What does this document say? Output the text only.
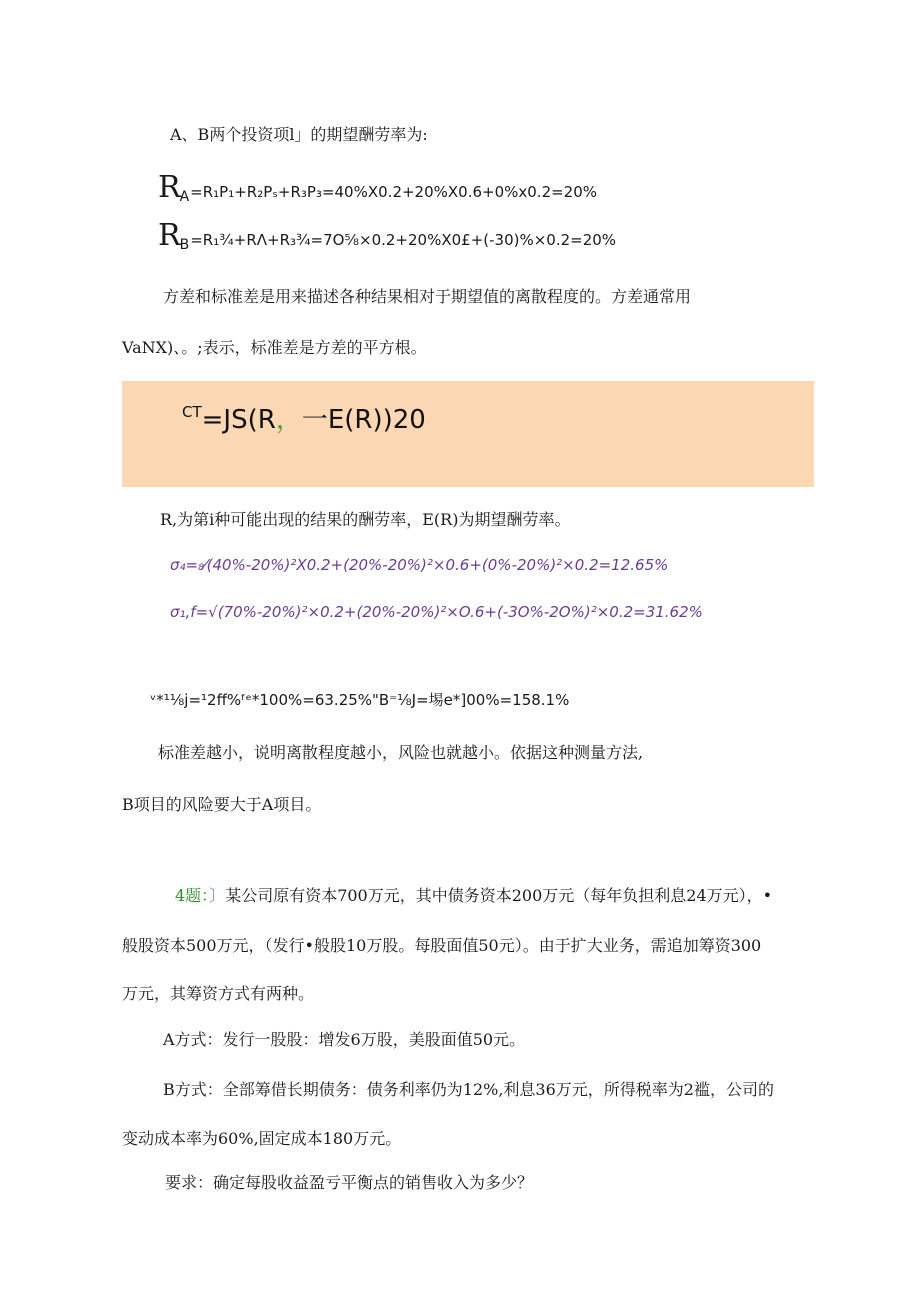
A、B两个投资项l」的期望酬劳率为:
R A =R₁P₁+R₂Pₛ+R₃P₃=40%X0.2+20%X0.6+0%x0.2=20%
R B =R₁¾+RΛ+R₃¾=7O⅝×0.2+20%X0£+(-30)%×0.2=20%
方差和标准差是用来描述各种结果相对于期望值的离散程度的。方差通常用
VaNX)、。;表示，标准差是方差的平方根。
$^{CT}$=JS(R，一E(R))20
R,为第i种可能出现的结果的酬劳率，E(R)为期望酬劳率。
σ₄=₈⁄(40%-20%)²X0.2+(20%-20%)²×0.6+(0%-20%)²×0.2=12.65%
σ₁,f=√(70%-20%)²×0.2+(20%-20%)²×O.6+(-3O%-2O%)²×0.2=31.62%
ᵛ*¹⅛j=¹2ff%ᶠᵉ*100%=63.25%"B⁼⅛J=埸e*]00%=158.1%
标准差越小，说明离散程度越小，风险也就越小。依据这种测量方法,
B项目的风险要大于A项目。
4题：〕某公司原有资本700万元，其中债务资本200万元（每年负担利息24万元），•
般股资本500万元，（发行•般股10万股。每股面值50元）。由于扩大业务，需追加筹资300
万元，其筹资方式有两种。
A方式：发行一股股：增发6万股，美股面值50元。
B方式：全部筹借长期债务：债务利率仍为12%,利息36万元，所得税率为2褴，公司的
变动成本率为60%,固定成本180万元。
要求：确定每股收益盈亏平衡点的销售收入为多少？
